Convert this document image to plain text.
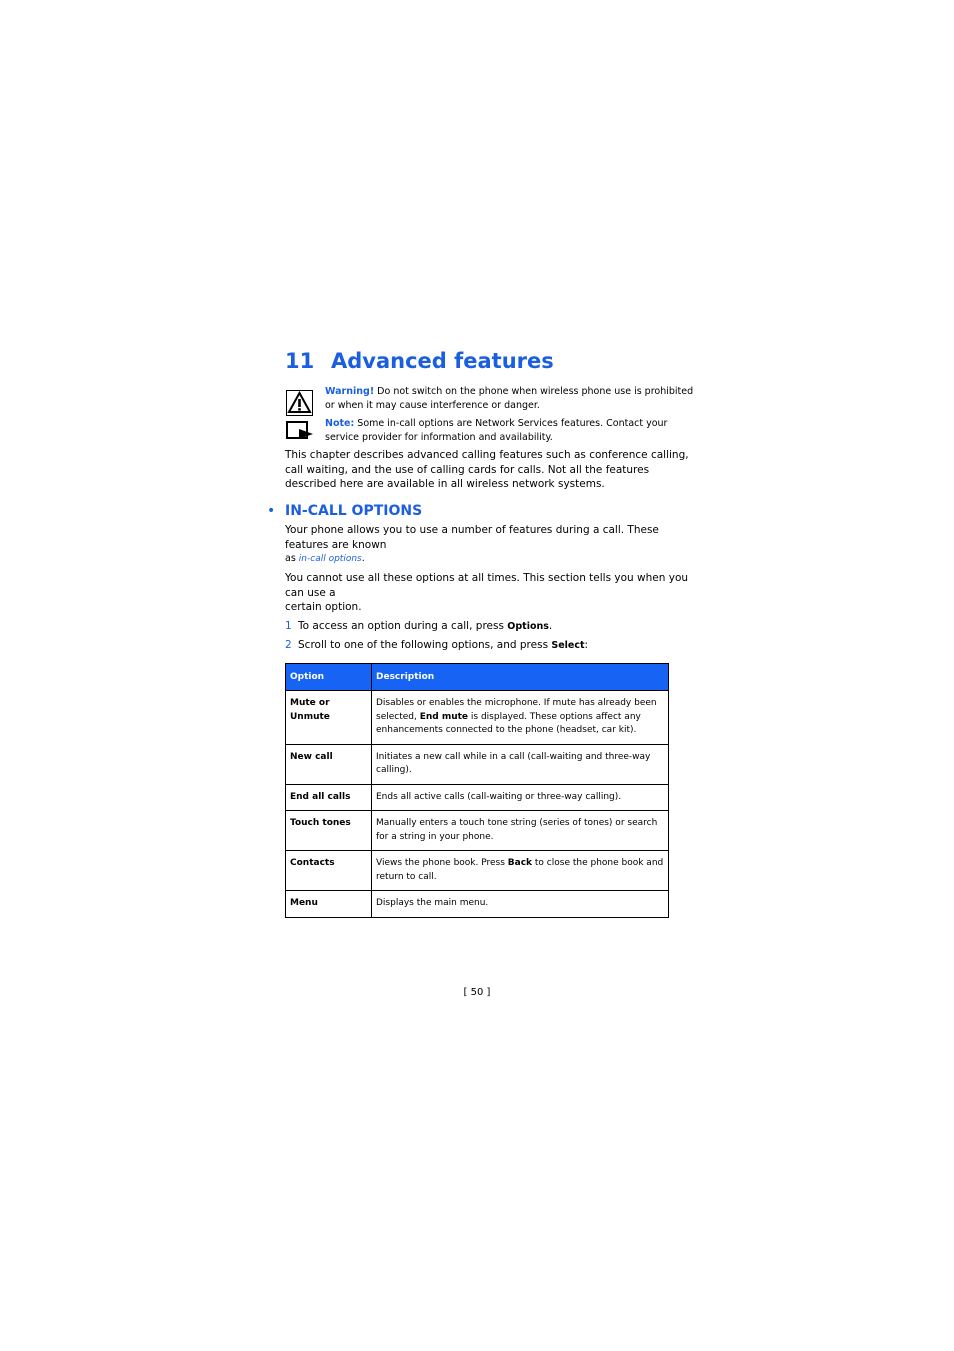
11 Advanced features
Warning! Do not switch on the phone when wireless phone use is prohibited or when it may cause interference or danger.
Note: Some in-call options are Network Services features. Contact your service provider for information and availability.
This chapter describes advanced calling features such as conference calling, call waiting, and the use of calling cards for calls. Not all the features described here are available in all wireless network systems.
• IN-CALL OPTIONS
Your phone allows you to use a number of features during a call. These features are known
as in-call options.
You cannot use all these options at all times. This section tells you when you can use a
certain option.
1 To access an option during a call, press Options.
2 Scroll to one of the following options, and press Select:
Option	Description
Mute or Unmute	Disables or enables the microphone. If mute has already been selected, End mute is displayed. These options affect any enhancements connected to the phone (headset, car kit).
New call	Initiates a new call while in a call (call-waiting and three-way calling).
End all calls	Ends all active calls (call-waiting or three-way calling).
Touch tones	Manually enters a touch tone string (series of tones) or search for a string in your phone.
Contacts	Views the phone book. Press Back to close the phone book and return to call.
Menu	Displays the main menu.
[ 50 ]
